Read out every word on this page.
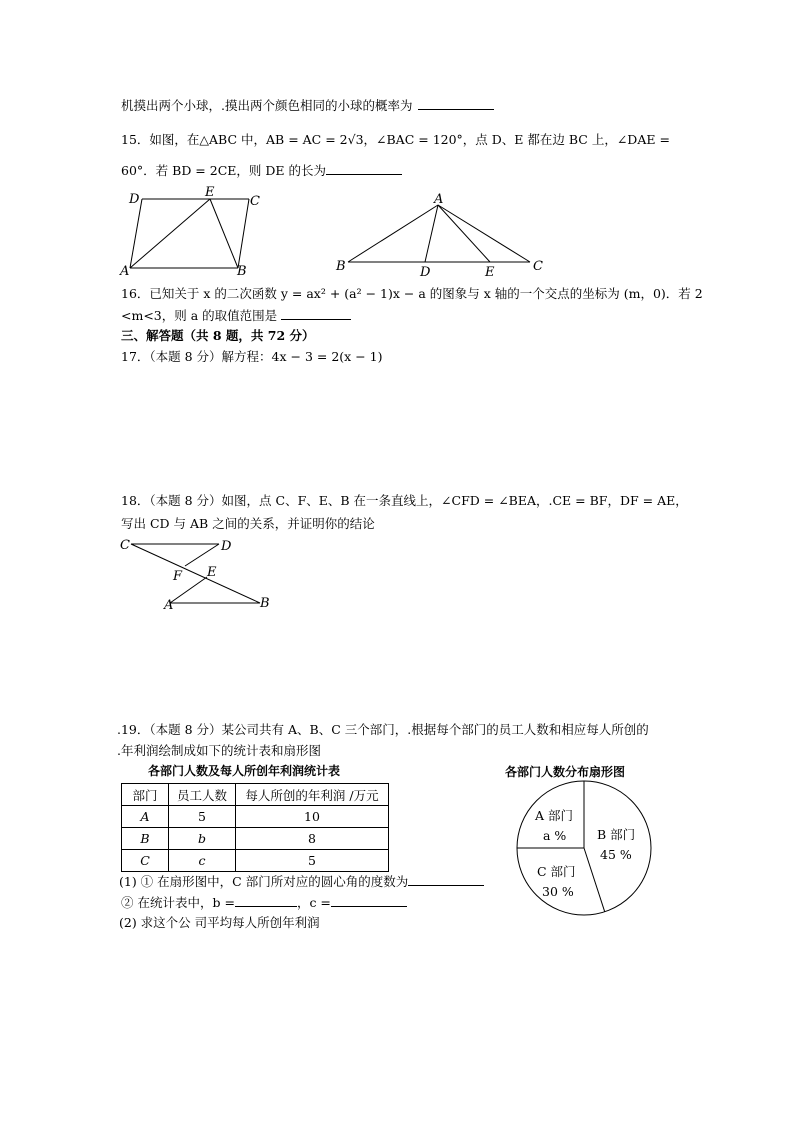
机摸出两个小球，.摸出两个颜色相同的小球的概率为
15．如图，在△ABC 中，AB = AC = 2√3，∠BAC = 120°，点 D、E 都在边 BC 上，∠DAE =
60°．若 BD = 2CE，则 DE 的长为
D	E
C
A	B
A
B	D	E	C
16．已知关于 x 的二次函数 y = ax² + (a² − 1)x − a 的图象与 x 轴的一个交点的坐标为 (m，0)．若 2
<m<3，则 a 的取值范围是
三、解答题（共 8 题，共 72 分）
17．（本题 8 分）解方程：4x − 3 = 2(x − 1)
18．（本题 8 分）如图，点 C、F、E、B 在一条直线上，∠CFD = ∠BEA，.CE = BF，DF = AE，
写出 CD 与 AB 之间的关系，并证明你的结论
C	D
F E
A	B
.19．（本题 8 分）某公司共有 A、B、C 三个部门，.根据每个部门的员工人数和相应每人所创的
.年利润绘制成如下的统计表和扇形图
各部门人数及每人所创年利润统计表	各部门人数分布扇形图
部门	员工人数	每人所创的年利润 /万元
A	5	10
B	b	8
C	c	5
A 部门 a %	B 部门 45 %
C 部门 30 %
(1) ① 在扇形图中，C 部门所对应的圆心角的度数为
② 在统计表中，b =	，c =
(2) 求这个公 司平均每人所创年利润
